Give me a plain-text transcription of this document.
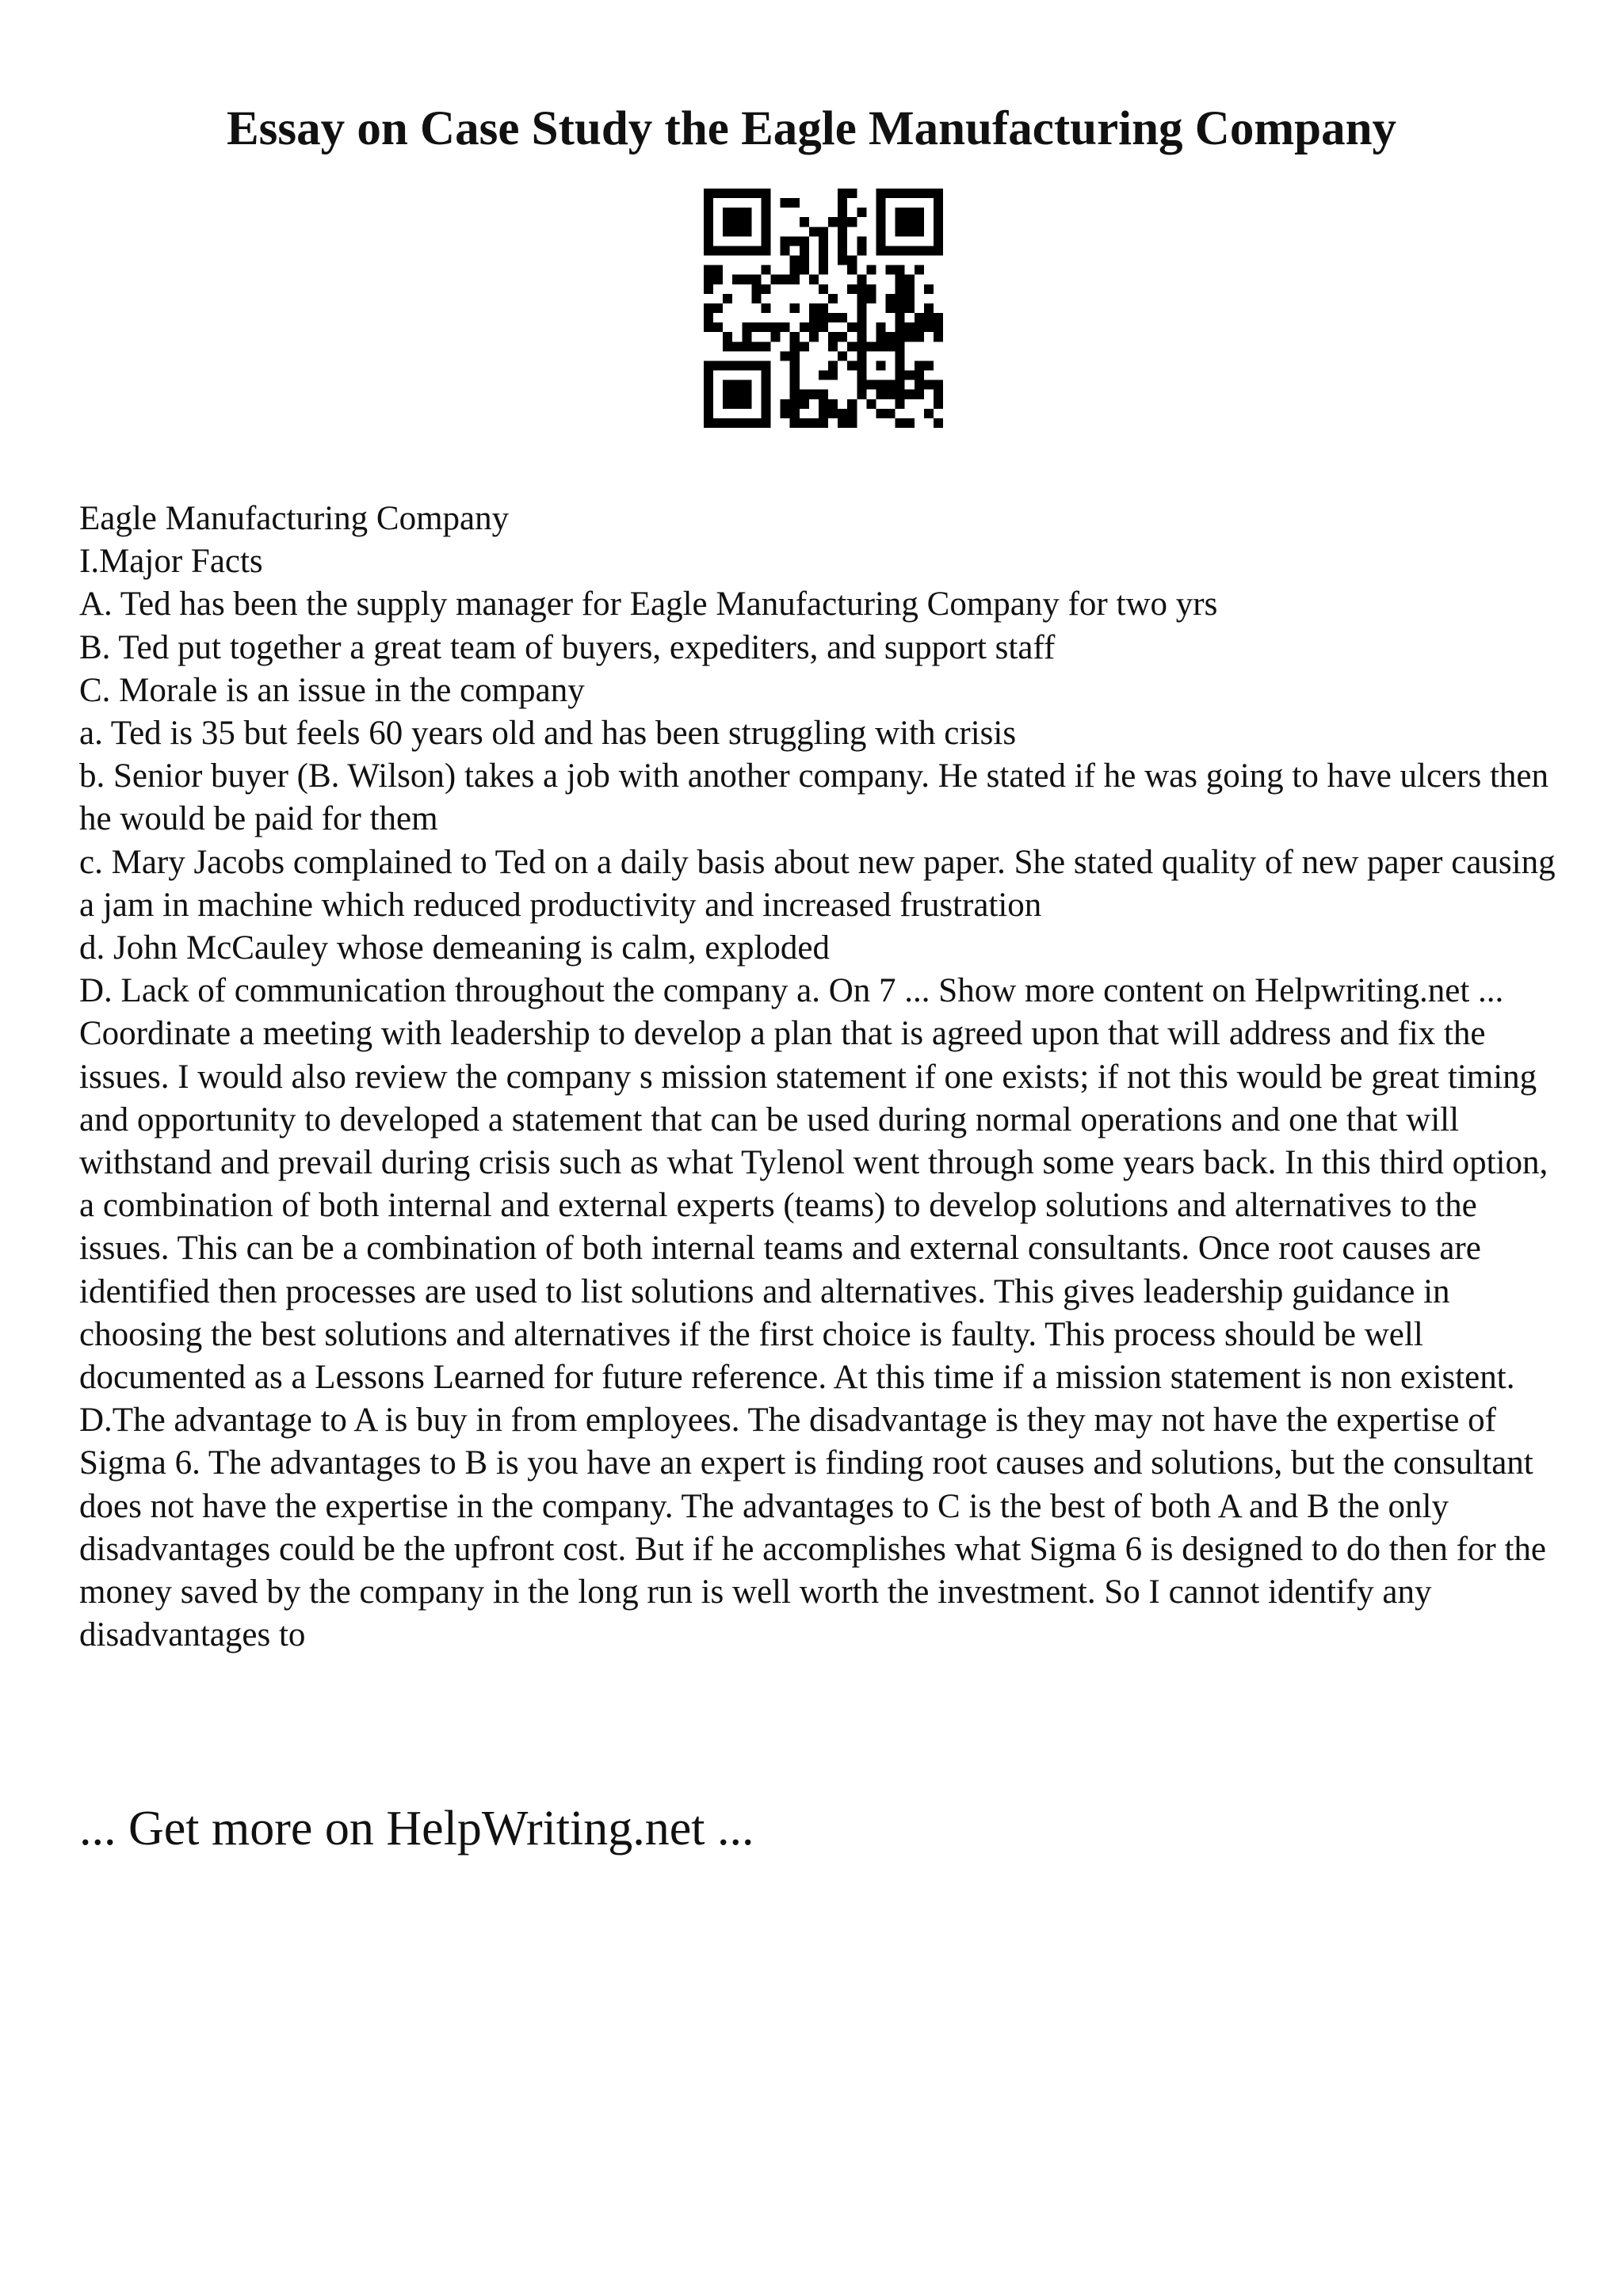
Essay on Case Study the Eagle Manufacturing Company

Eagle Manufacturing Company

I.Major Facts

A. Ted has been the supply manager for Eagle Manufacturing Company for two yrs

B. Ted put together a great team of buyers, expediters, and support staff

C. Morale is an issue in the company

a. Ted is 35 but feels 60 years old and has been struggling with crisis

b. Senior buyer (B. Wilson) takes a job with another company. He stated if he was going to have ulcers then he would be paid for them

c. Mary Jacobs complained to Ted on a daily basis about new paper. She stated quality of new paper causing a jam in machine which reduced productivity and increased frustration

d. John McCauley whose demeaning is calm, exploded

D. Lack of communication throughout the company a. On 7 ... Show more content on Helpwriting.net ...

Coordinate a meeting with leadership to develop a plan that is agreed upon that will address and fix the issues. I would also review the company s mission statement if one exists; if not this would be great timing and opportunity to developed a statement that can be used during normal operations and one that will withstand and prevail during crisis such as what Tylenol went through some years back. In this third option, a combination of both internal and external experts (teams) to develop solutions and alternatives to the issues. This can be a combination of both internal teams and external consultants. Once root causes are identified then processes are used to list solutions and alternatives. This gives leadership guidance in choosing the best solutions and alternatives if the first choice is faulty. This process should be well documented as a Lessons Learned for future reference. At this time if a mission statement is non existent.

D.The advantage to A is buy in from employees. The disadvantage is they may not have the expertise of Sigma 6. The advantages to B is you have an expert is finding root causes and solutions, but the consultant does not have the expertise in the company. The advantages to C is the best of both A and B the only disadvantages could be the upfront cost. But if he accomplishes what Sigma 6 is designed to do then for the money saved by the company in the long run is well worth the investment. So I cannot identify any disadvantages to

... Get more on HelpWriting.net ...
